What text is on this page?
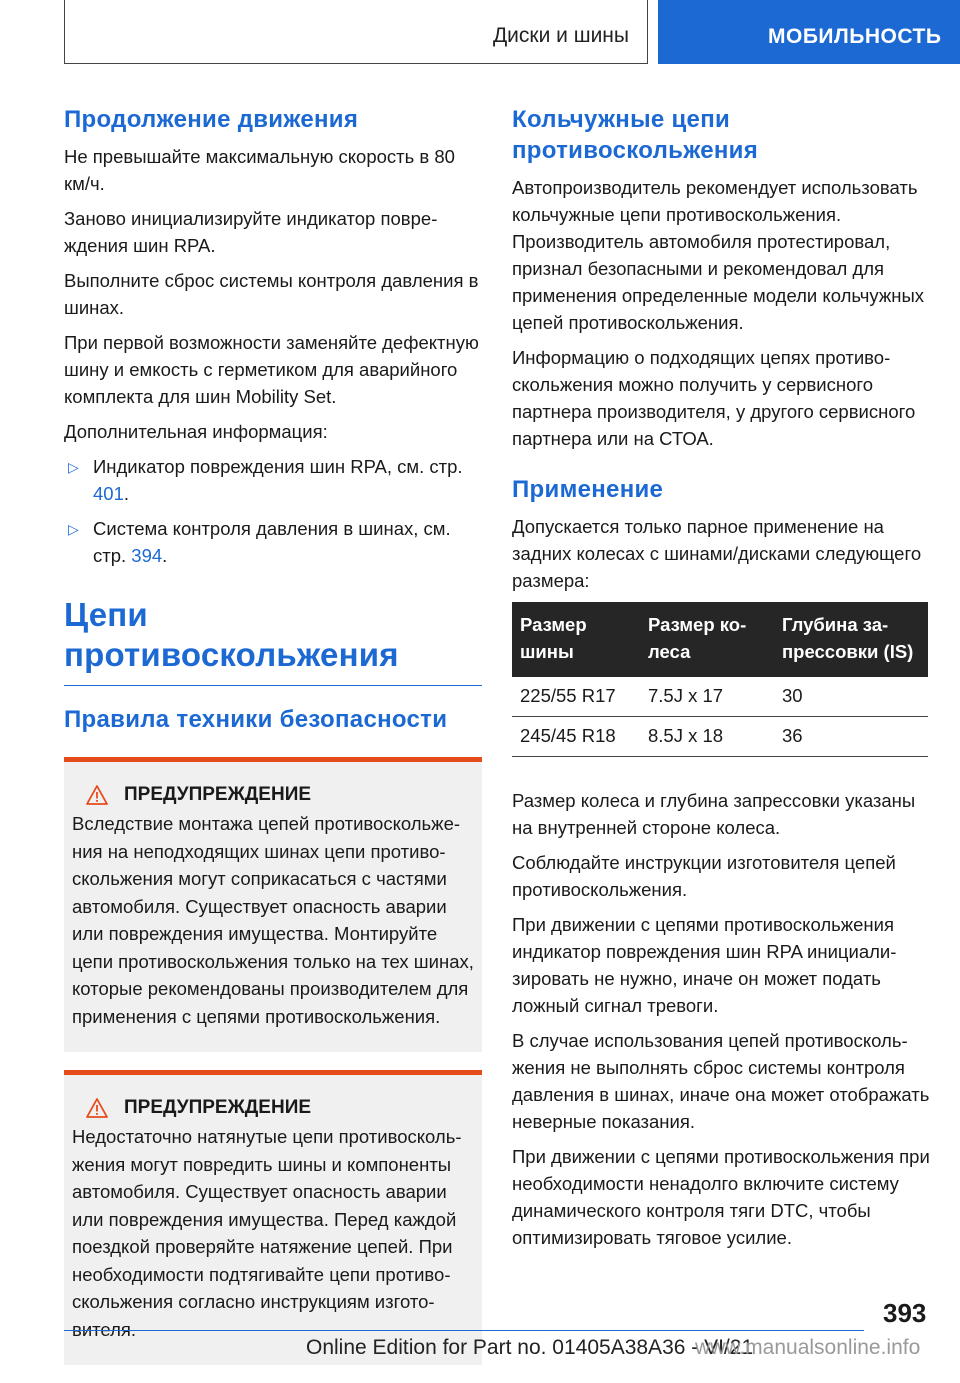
Диски и шины	МОБИЛЬНОСТЬ
Продолжение движения

Не превышайте максимальную скорость в 80 км/ч.

Заново инициализируйте индикатор повреждения шин RPA.

Выполните сброс системы контроля давления в шинах.

При первой возможности заменяйте дефектную шину и емкость с герметиком для аварийного комплекта для шин Mobility Set.

Дополнительная информация:

▷ Индикатор повреждения шин RPA, см. стр. 401.
▷ Система контроля давления в шинах, см. стр. 394.
Цепи противоскольжения
Правила техники безопасности
ПРЕДУПРЕЖДЕНИЕ

Вследствие монтажа цепей противоскольжения на неподходящих шинах цепи противоскольжения могут соприкасаться с частями автомобиля. Существует опасность аварии или повреждения имущества. Монтируйте цепи противоскольжения только на тех шинах, которые рекомендованы производителем для применения с цепями противоскольжения.

ПРЕДУПРЕЖДЕНИЕ

Недостаточно натянутые цепи противоскольжения могут повредить шины и компоненты автомобиля. Существует опасность аварии или повреждения имущества. Перед каждой поездкой проверяйте натяжение цепей. При необходимости подтягивайте цепи противоскольжения согласно инструкциям изготовителя.

Кольчужные цепи противоскольжения

Автопроизводитель рекомендует использовать кольчужные цепи противоскольжения. Производитель автомобиля протестировал, признал безопасными и рекомендовал для применения определенные модели кольчужных цепей противоскольжения.

Информацию о подходящих цепях противоскольжения можно получить у сервисного партнера производителя, у другого сервисного партнера или на СТОА.

Применение

Допускается только парное применение на задних колесах с шинами/дисками следующего размера:

Размер шины	Размер колеса	Глубина запрессовки (IS)
225/55 R17	7.5J x 17	30
245/45 R18	8.5J x 18	36

Размер колеса и глубина запрессовки указаны на внутренней стороне колеса.

Соблюдайте инструкции изготовителя цепей противоскольжения.

При движении с цепями противоскольжения индикатор повреждения шин RPA инициализировать не нужно, иначе он может подать ложный сигнал тревоги.

В случае использования цепей противоскольжения не выполнять сброс системы контроля давления в шинах, иначе она может отображать неверные показания.

При движении с цепями противоскольжения при необходимости ненадолго включите систему динамического контроля тяги DTC, чтобы оптимизировать тяговое усилие.

393
Online Edition for Part no. 01405A38A36 - VI/21
www.manualsonline.info
